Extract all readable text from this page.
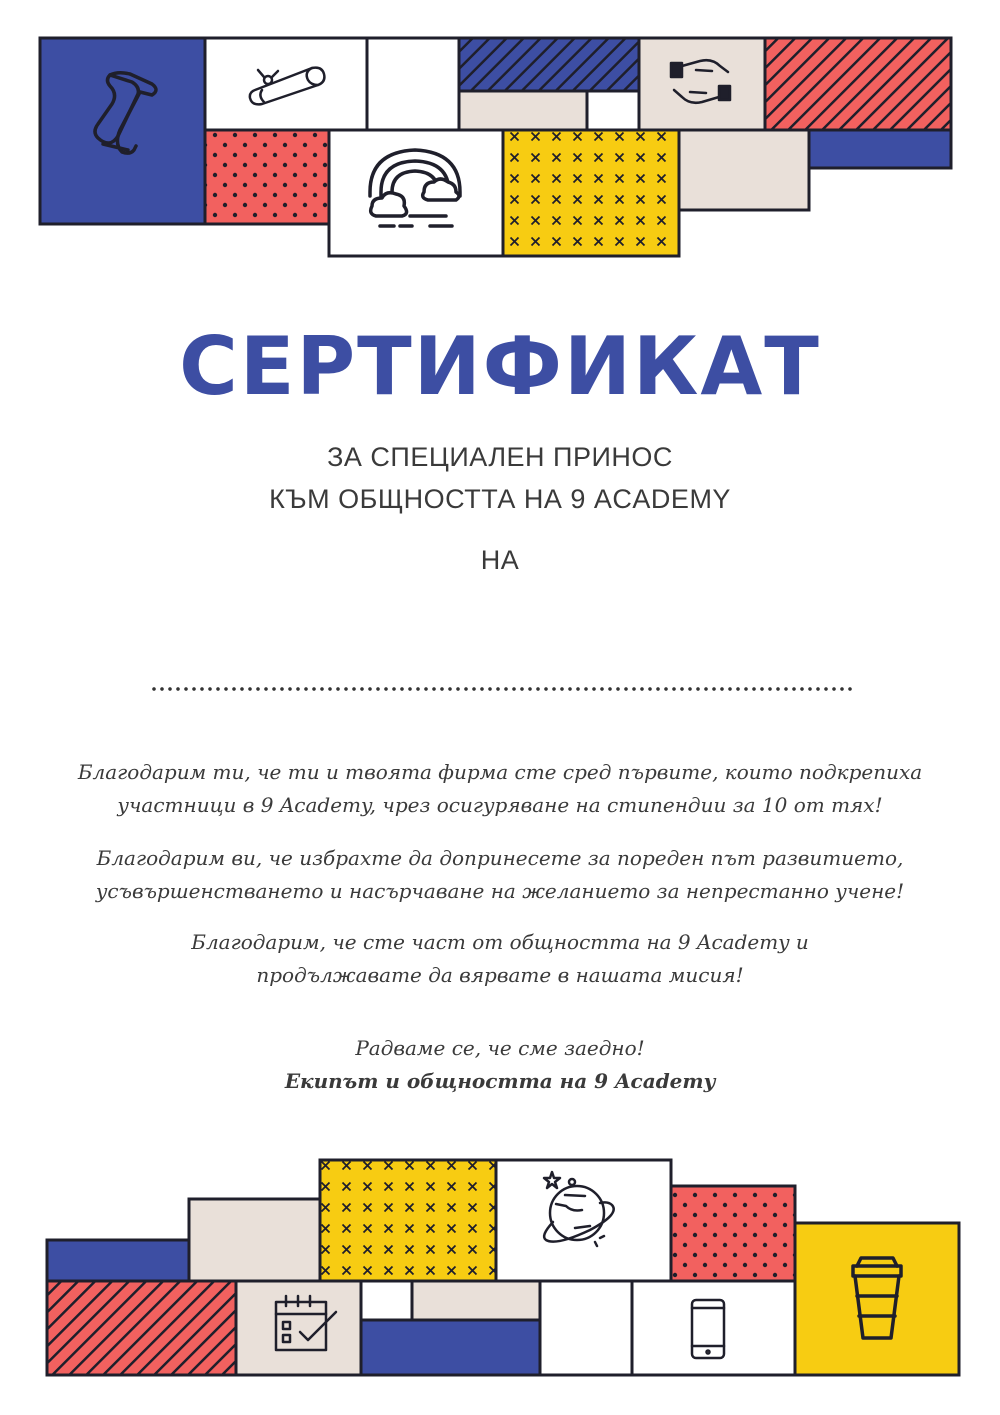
СЕРТИФИКАТ
ЗА СПЕЦИАЛЕН ПРИНОС
КЪМ ОБЩНОСТТА НА 9 ACADEMY
НА

Благодарим ти, че ти и твоята фирма сте сред първите, които подкрепиха
участници в 9 Academy, чрез осигуряване на стипендии за 10 от тях!

Благодарим ви, че избрахте да допринесете за пореден път развитието,
усъвършенстването и насърчаване на желанието за непрестанно учене!

Благодарим, че сте част от общността на 9 Academy и
продължавате да вярвате в нашата мисия!

Радваме се, че сме заедно!
Екипът и общността на 9 Academy
